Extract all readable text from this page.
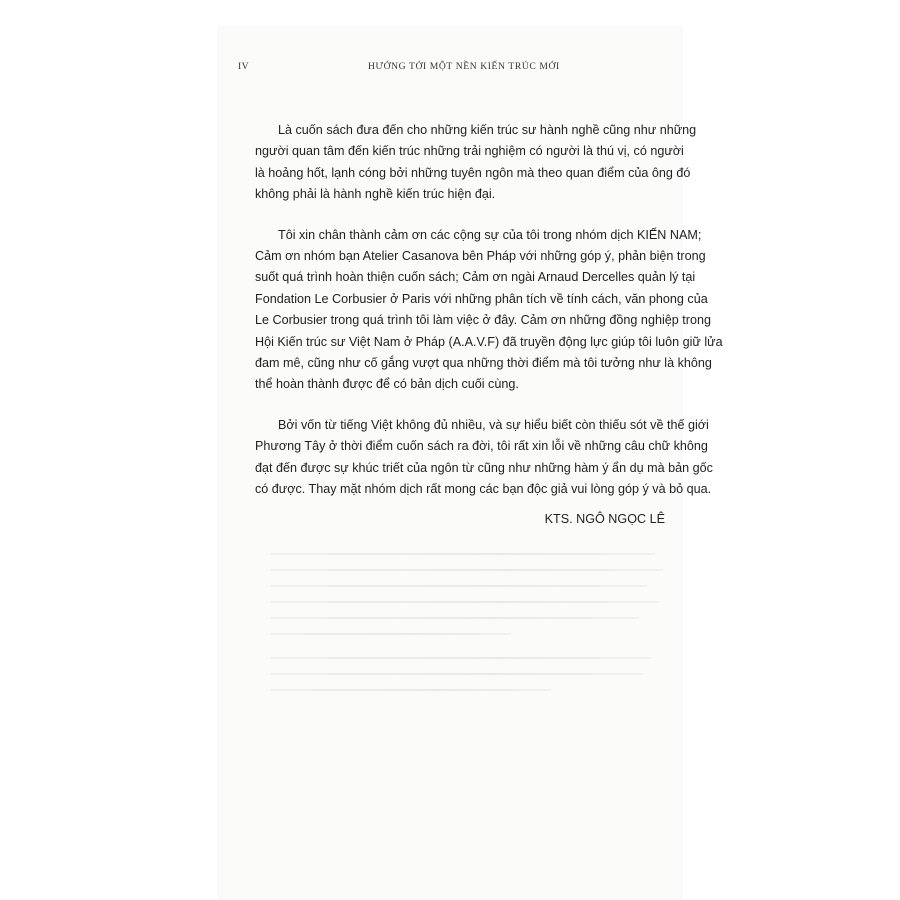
IV	HƯỚNG TỚI MỘT NỀN KIẾN TRÚC MỚI

Là cuốn sách đưa đến cho những kiến trúc sư hành nghề cũng như những
người quan tâm đến kiến trúc những trải nghiệm có người là thú vị, có người
là hoảng hốt, lạnh cóng bởi những tuyên ngôn mà theo quan điểm của ông đó
không phải là hành nghề kiến trúc hiện đại.

Tôi xin chân thành cảm ơn các cộng sự của tôi trong nhóm dịch KIẾN NAM;
Cảm ơn nhóm bạn Atelier Casanova bên Pháp với những góp ý, phản biện trong
suốt quá trình hoàn thiện cuốn sách; Cảm ơn ngài Arnaud Dercelles quản lý tại
Fondation Le Corbusier ở Paris với những phân tích về tính cách, văn phong của
Le Corbusier trong quá trình tôi làm việc ở đây. Cảm ơn những đồng nghiệp trong
Hội Kiến trúc sư Việt Nam ở Pháp (A.A.V.F) đã truyền động lực giúp tôi luôn giữ lửa
đam mê, cũng như cố gắng vượt qua những thời điểm mà tôi tưởng như là không
thể hoàn thành được để có bản dịch cuối cùng.

Bởi vốn từ tiếng Việt không đủ nhiều, và sự hiểu biết còn thiếu sót về thế giới
Phương Tây ở thời điểm cuốn sách ra đời, tôi rất xin lỗi về những câu chữ không
đạt đến được sự khúc triết của ngôn từ cũng như những hàm ý ẩn dụ mà bản gốc
có được. Thay mặt nhóm dịch rất mong các bạn độc giả vui lòng góp ý và bỏ qua.

KTS. NGÔ NGỌC LÊ
